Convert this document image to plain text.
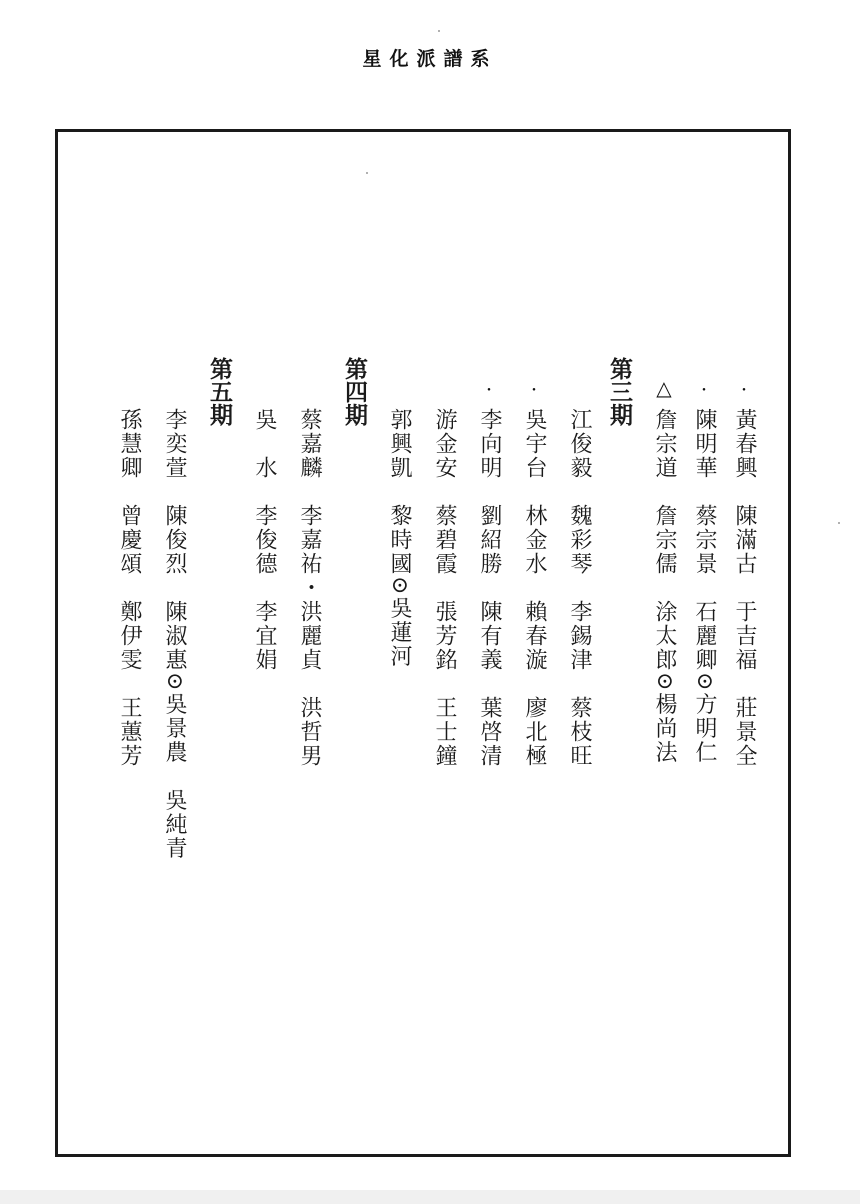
星化派譜系
・
黃春興　陳滿古　于吉福　莊景全
・
陳明華　蔡宗景　石麗卿⊙方明仁
△
詹宗道　詹宗儒　涂太郎⊙楊尚法
第三期
江俊毅　魏彩琴　李錫津　蔡枝旺
・
吳宇台　林金水　賴春漩　廖北極
・
李向明　劉紹勝　陳有義　葉啓清
游金安　蔡碧霞　張芳銘　王士鐘
郭興凱　黎時國⊙吳蓮河
第四期
蔡嘉麟　李嘉祐・洪麗貞　洪哲男
吳　水　李俊德　李宜娟
第五期
李奕萱　陳俊烈　陳淑惠⊙吳景農　吳純青
孫慧卿　曾慶頌　鄭伊雯　王蕙芳
